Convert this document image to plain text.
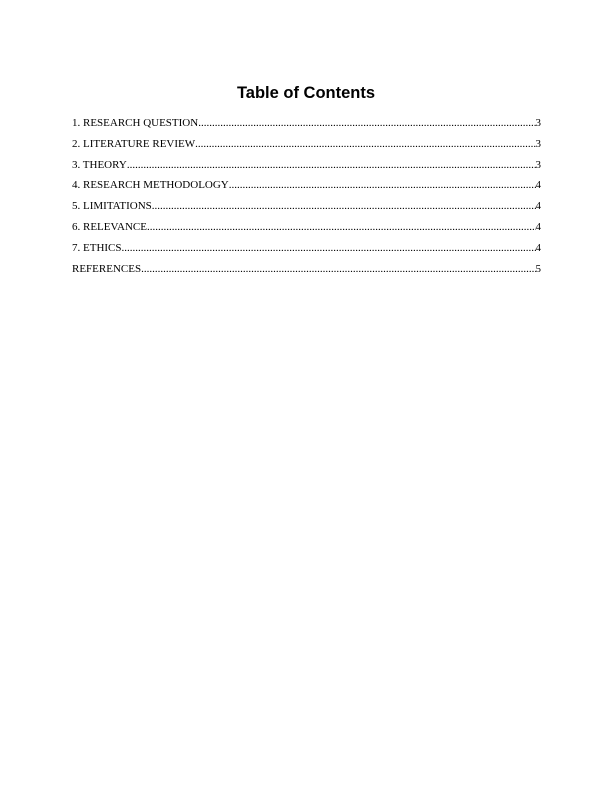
Table of Contents
1. RESEARCH QUESTION .....	3
2. LITERATURE REVIEW .....	3
3. THEORY .....	3
4. RESEARCH METHODOLOGY .....	4
5. LIMITATIONS .....	4
6. RELEVANCE .....	4
7. ETHICS .....	4
REFERENCES .....	5
